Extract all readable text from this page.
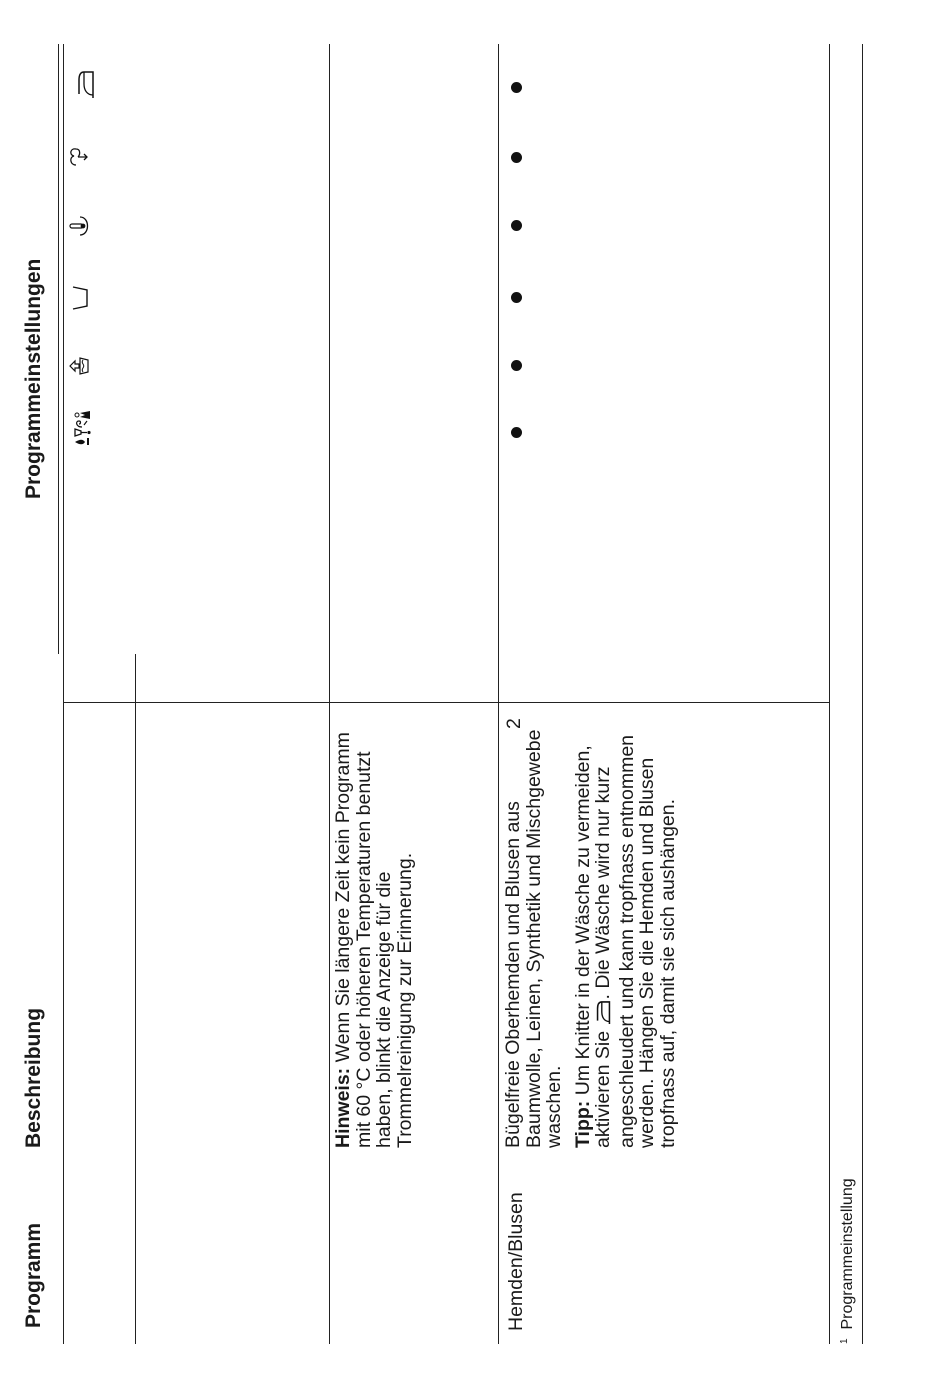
Programm
Beschreibung
Programmeinstellungen

Hinweis: Wenn Sie längere Zeit kein Programm mit 60 °C oder höheren Temperaturen benutzt haben, blinkt die Anzeige für die Trommelreinigung zur Erinnerung.

Hemden/Blusen

Bügelfreie Oberhemden und Blusen aus Baumwolle, Leinen, Synthetik und Mischgewebe waschen. Tipp: Um Knitter in der Wäsche zu vermeiden, aktivieren Sie . Die Wäsche wird nur kurz angeschleudert und kann tropfnass entnommen werden. Hängen Sie die Hemden und Blusen tropfnass auf, damit sie sich aushängen.

2
$^1$  Programmeinstellung
